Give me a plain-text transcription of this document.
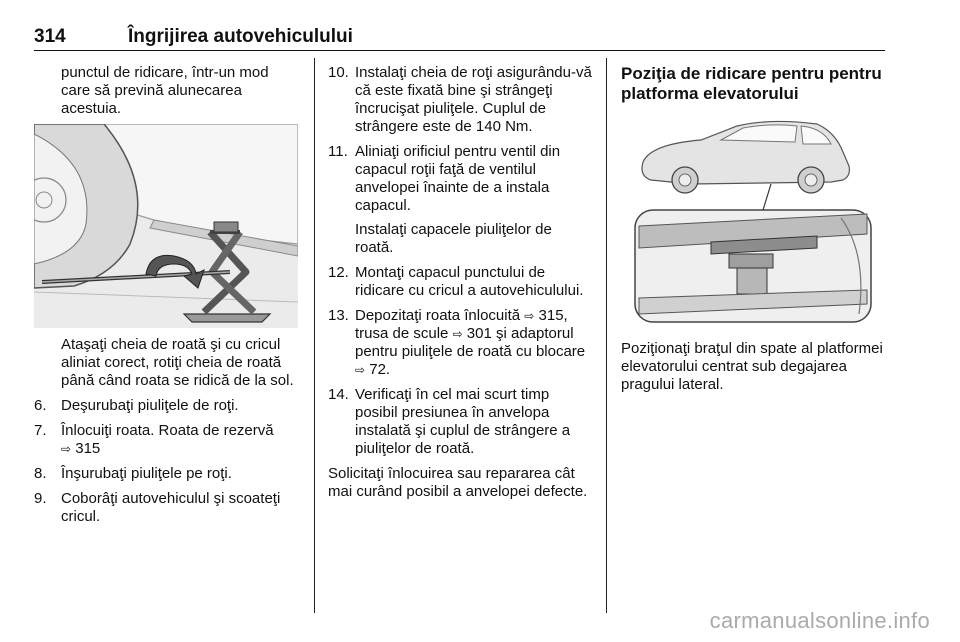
314	Îngrijirea autovehiculului

punctul de ridicare, într-un mod care să prevină alunecarea acestuia.

Ataşaţi cheia de roată şi cu cricul aliniat corect, rotiţi cheia de roată până când roata se ridică de la sol.

6. Deşurubaţi piuliţele de roţi.
7. Înlocuiţi roata. Roata de rezervă
⇨ 315
8. Înşurubaţi piuliţele pe roţi.
9. Coborâţi autovehiculul şi scoateţi cricul.
10. Instalaţi cheia de roţi asigurându-vă că este fixată bine şi strângeţi încrucişat piuliţele. Cuplul de strângere este de 140 Nm.
11. Aliniaţi orificiul pentru ventil din capacul roţii faţă de ventilul anvelopei înainte de a instala capacul.
Instalaţi capacele piuliţelor de roată.
12. Montaţi capacul punctului de ridicare cu cricul a autovehiculului.
13. Depozitaţi roata înlocuită ⇨ 315, trusa de scule ⇨ 301 şi adaptorul pentru piuliţele de roată cu blocare ⇨ 72.
14. Verificaţi în cel mai scurt timp posibil presiunea în anvelopa instalată şi cuplul de strângere a piuliţelor de roată.

Solicitaţi înlocuirea sau repararea cât mai curând posibil a anvelopei defecte.

Poziţia de ridicare pentru pentru platforma elevatorului

Poziţionaţi braţul din spate al platformei elevatorului centrat sub degajarea pragului lateral.

carmanualsonline.info
